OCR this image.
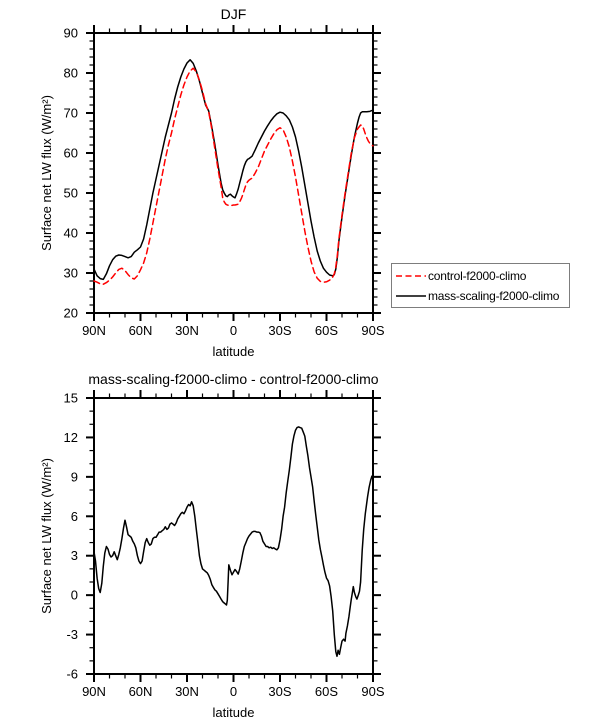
90N 60N 30N 0 30S 60S 90S
20
30
40
50
60
70
80
90
DJF
latitude
Surface net LW flux (W/m²)
90N 60N 30N 0 30S 60S 90S
-6
-3
0
3
6
9
12
15
mass-scaling-f2000-climo - control-f2000-climo
latitude
Surface net LW flux (W/m²)
control-f2000-climo
mass-scaling-f2000-climo
